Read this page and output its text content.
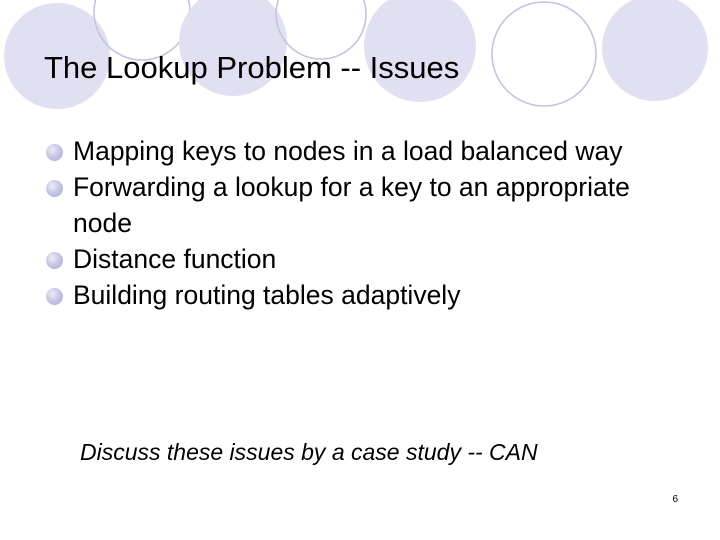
The Lookup Problem -- Issues
Mapping keys to nodes in a load balanced way
Forwarding a lookup for a key to an appropriate node
Distance function
Building routing tables adaptively
Discuss these issues by a case study -- CAN
6
